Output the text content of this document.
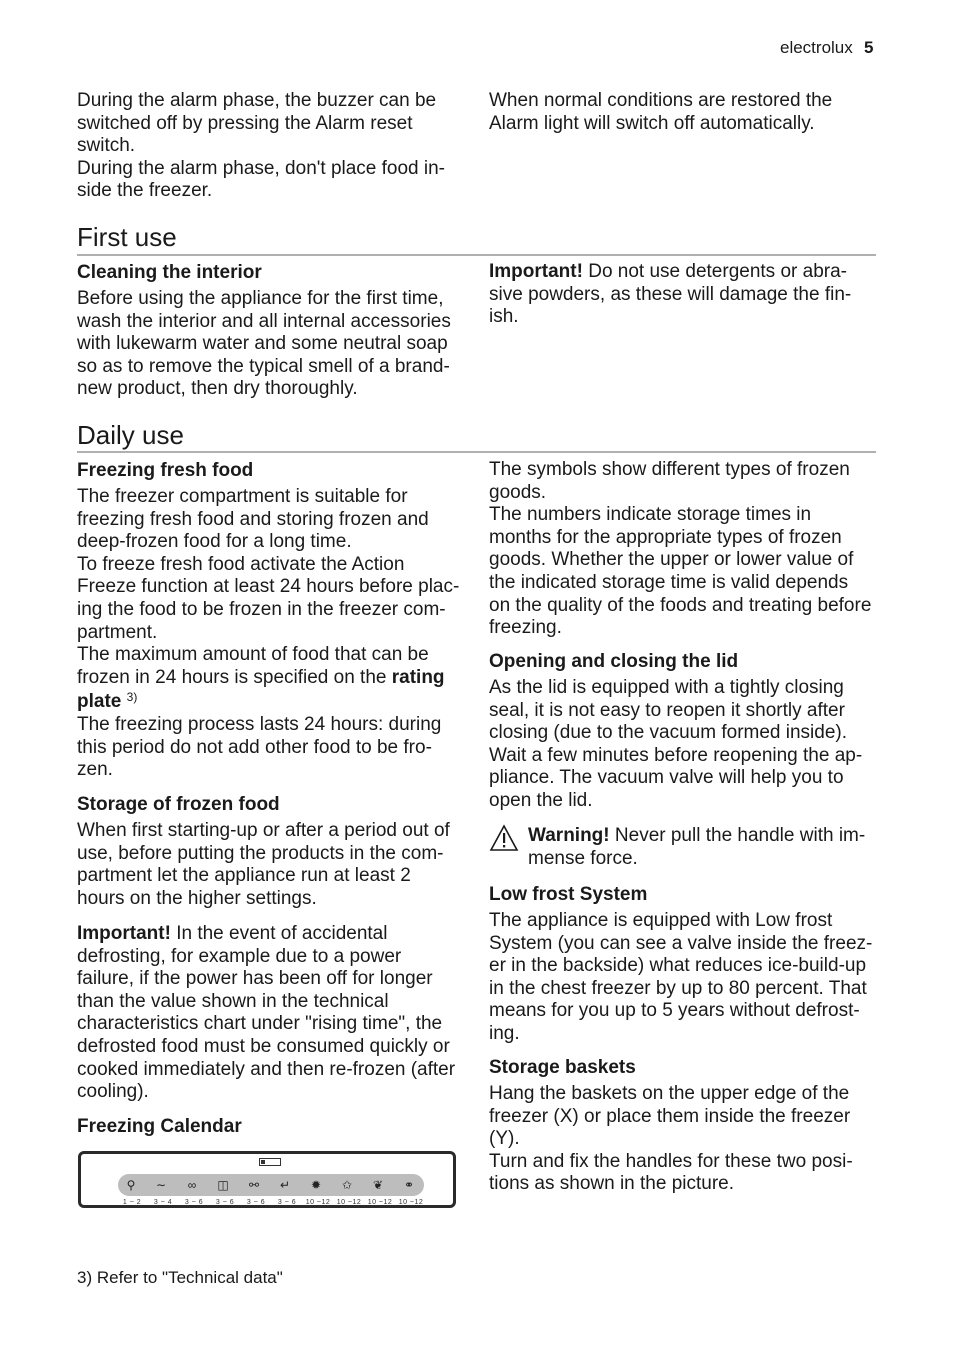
electrolux 5

During the alarm phase, the buzzer can be

switched off by pressing the Alarm reset

switch.

During the alarm phase, don't place food in-

side the freezer.

When normal conditions are restored the

Alarm light will switch off automatically.

First use
Cleaning the interior

Before using the appliance for the first time,

wash the interior and all internal accessories

with lukewarm water and some neutral soap

so as to remove the typical smell of a brand-

new product, then dry thoroughly.

Important! Do not use detergents or abra-

sive powders, as these will damage the fin-

ish.

Daily use
Freezing fresh food

The freezer compartment is suitable for

freezing fresh food and storing frozen and

deep-frozen food for a long time.

To freeze fresh food activate the Action

Freeze function at least 24 hours before plac-

ing the food to be frozen in the freezer com-

partment.

The maximum amount of food that can be

frozen in 24 hours is specified on the rating

plate $^{3)}$

The freezing process lasts 24 hours: during

this period do not add other food to be fro-

zen.

Storage of frozen food

When first starting-up or after a period out of

use, before putting the products in the com-

partment let the appliance run at least 2

hours on the higher settings.

Important! In the event of accidental

defrosting, for example due to a power

failure, if the power has been off for longer

than the value shown in the technical

characteristics chart under "rising time", the

defrosted food must be consumed quickly or

cooked immediately and then re-frozen (after

cooling).

Freezing Calendar
⚲ ∼ ∞ ◫ ⚯ ↵ ✹ ✩ ❦ ⚭
1 ~ 2	3 ~ 4	3 ~ 6	3 ~ 6	3 ~ 6	3 ~ 6	10 ~12 10 ~12 10 ~12 10 ~12

The symbols show different types of frozen

goods.

The numbers indicate storage times in

months for the appropriate types of frozen

goods. Whether the upper or lower value of

the indicated storage time is valid depends

on the quality of the foods and treating before

freezing.

Opening and closing the lid

As the lid is equipped with a tightly closing

seal, it is not easy to reopen it shortly after

closing (due to the vacuum formed inside).

Wait a few minutes before reopening the ap-

pliance. The vacuum valve will help you to

open the lid.

Warning! Never pull the handle with im-

mense force.

Low frost System

The appliance is equipped with Low frost

System (you can see a valve inside the freez-

er in the backside) what reduces ice-build-up

in the chest freezer by up to 80 percent. That

means for you up to 5 years without defrost-

ing.

Storage baskets

Hang the baskets on the upper edge of the

freezer (X) or place them inside the freezer (Y).

Turn and fix the handles for these two posi-

tions as shown in the picture.

3) Refer to "Technical data"
